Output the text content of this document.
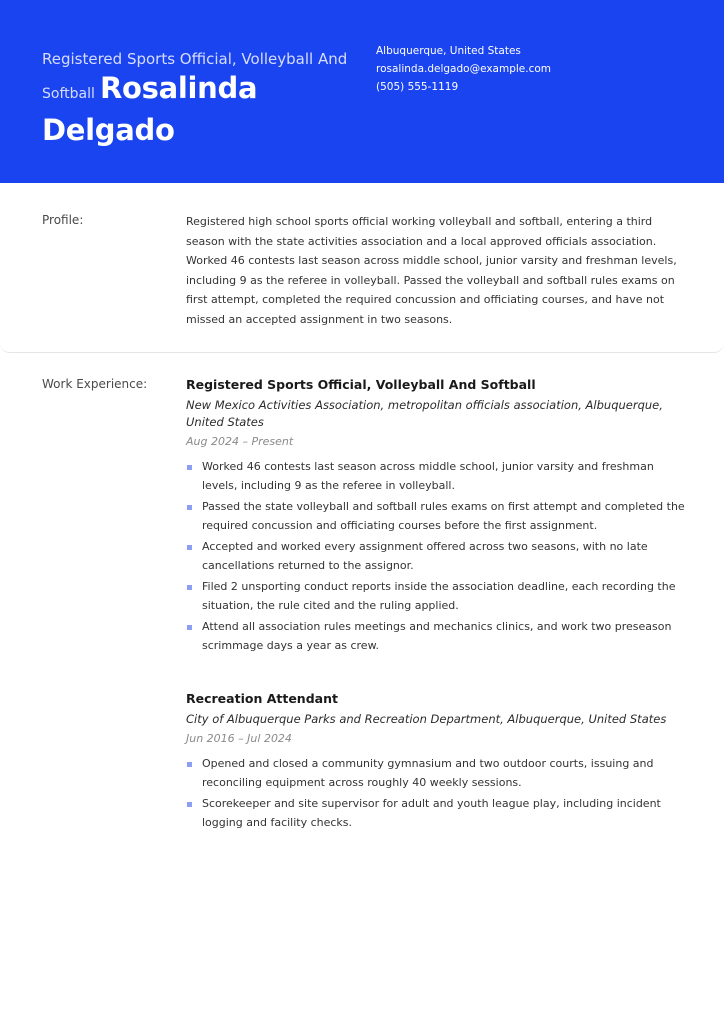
Registered Sports Official, Volleyball And
Softball Rosalinda
Delgado
Albuquerque, United States
rosalinda.delgado@example.com
(505) 555-1119
Profile:	Registered high school sports official working volleyball and softball, entering a third season with the state activities association and a local approved officials association. Worked 46 contests last season across middle school, junior varsity and freshman levels, including 9 as the referee in volleyball. Passed the volleyball and softball rules exams on first attempt, completed the required concussion and officiating courses, and have not missed an accepted assignment in two seasons.
Work Experience:	Registered Sports Official, Volleyball And Softball
New Mexico Activities Association, metropolitan officials association, Albuquerque, United States
Aug 2024 – Present
Worked 46 contests last season across middle school, junior varsity and freshman levels, including 9 as the referee in volleyball.
Passed the state volleyball and softball rules exams on first attempt and completed the required concussion and officiating courses before the first assignment.
Accepted and worked every assignment offered across two seasons, with no late cancellations returned to the assignor.
Filed 2 unsporting conduct reports inside the association deadline, each recording the situation, the rule cited and the ruling applied.
Attend all association rules meetings and mechanics clinics, and work two preseason scrimmage days a year as crew.
Recreation Attendant
City of Albuquerque Parks and Recreation Department, Albuquerque, United States
Jun 2016 – Jul 2024
Opened and closed a community gymnasium and two outdoor courts, issuing and reconciling equipment across roughly 40 weekly sessions.
Scorekeeper and site supervisor for adult and youth league play, including incident logging and facility checks.
